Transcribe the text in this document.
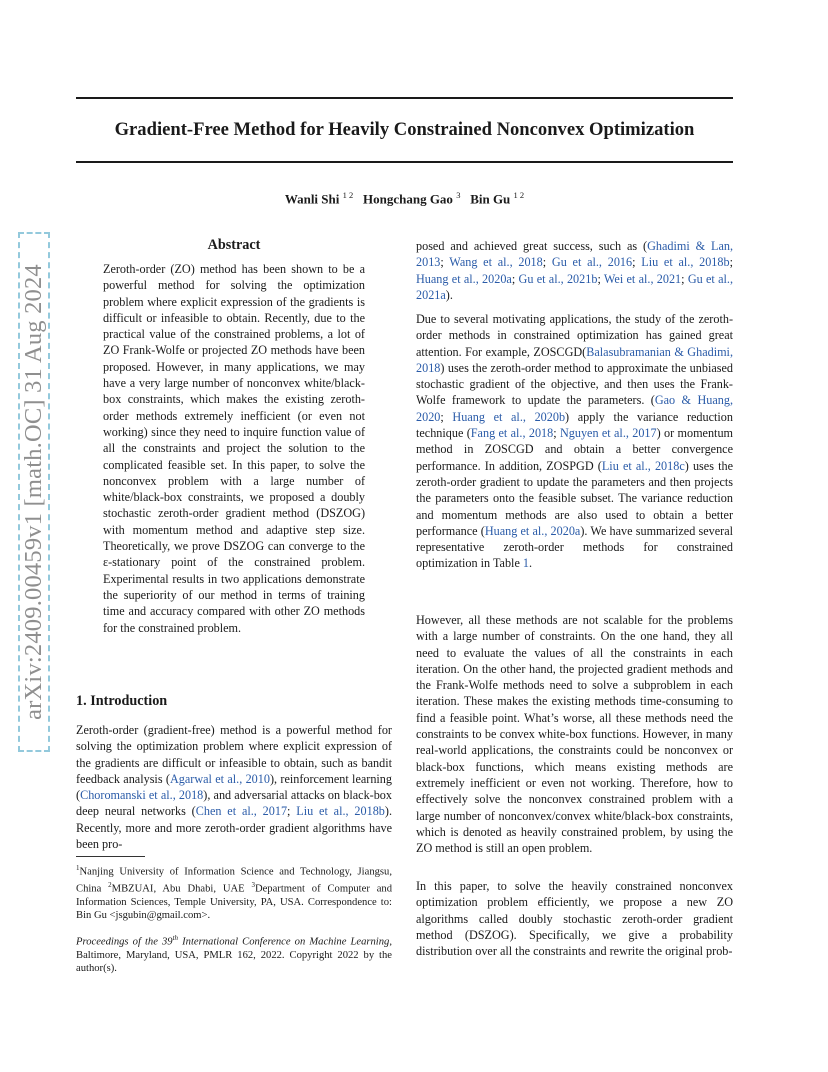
Gradient-Free Method for Heavily Constrained Nonconvex Optimization
Wanli Shi $^{1 2}$ Hongchang Gao $^3$ Bin Gu $^{1 2}$
arXiv:2409.00459v1 [math.OC] 31 Aug 2024
Abstract
Zeroth-order (ZO) method has been shown to be a powerful method for solving the optimization problem where explicit expression of the gradients is difficult or infeasible to obtain. Recently, due to the practical value of the constrained problems, a lot of ZO Frank-Wolfe or projected ZO methods have been proposed. However, in many applications, we may have a very large number of nonconvex white/black-box constraints, which makes the existing zeroth-order methods extremely inefficient (or even not working) since they need to inquire function value of all the constraints and project the solution to the complicated feasible set. In this paper, to solve the nonconvex problem with a large number of white/black-box constraints, we proposed a doubly stochastic zeroth-order gradient method (DSZOG) with momentum method and adaptive step size. Theoretically, we prove DSZOG can converge to the ε-stationary point of the constrained problem. Experimental results in two applications demonstrate the superiority of our method in terms of training time and accuracy compared with other ZO methods for the constrained problem.
1. Introduction

Zeroth-order (gradient-free) method is a powerful method for solving the optimization problem where explicit expression of the gradients are difficult or infeasible to obtain, such as bandit feedback analysis (Agarwal et al., 2010), reinforcement learning (Choromanski et al., 2018), and adversarial attacks on black-box deep neural networks (Chen et al., 2017; Liu et al., 2018b). Recently, more and more zeroth-order gradient algorithms have been pro-

$^1$Nanjing University of Information Science and Technology, Jiangsu, China $^2$MBZUAI, Abu Dhabi, UAE $^3$Department of Computer and Information Sciences, Temple University, PA, USA. Correspondence to: Bin Gu <jsgubin@gmail.com>.

Proceedings of the 39th International Conference on Machine Learning, Baltimore, Maryland, USA, PMLR 162, 2022. Copyright 2022 by the author(s).

posed and achieved great success, such as (Ghadimi & Lan, 2013; Wang et al., 2018; Gu et al., 2016; Liu et al., 2018b; Huang et al., 2020a; Gu et al., 2021b; Wei et al., 2021; Gu et al., 2021a).

Due to several motivating applications, the study of the zeroth-order methods in constrained optimization has gained great attention. For example, ZOSCGD(Balasubramanian & Ghadimi, 2018) uses the zeroth-order method to approximate the unbiased stochastic gradient of the objective, and then uses the Frank-Wolfe framework to update the parameters. (Gao & Huang, 2020; Huang et al., 2020b) apply the variance reduction technique (Fang et al., 2018; Nguyen et al., 2017) or momentum method in ZOSCGD and obtain a better convergence performance. In addition, ZOSPGD (Liu et al., 2018c) uses the zeroth-order gradient to update the parameters and then projects the parameters onto the feasible subset. The variance reduction and momentum methods are also used to obtain a better performance (Huang et al., 2020a). We have summarized several representative zeroth-order methods for constrained optimization in Table 1.

However, all these methods are not scalable for the problems with a large number of constraints. On the one hand, they all need to evaluate the values of all the constraints in each iteration. On the other hand, the projected gradient methods and the Frank-Wolfe methods need to solve a subproblem in each iteration. These makes the existing methods time-consuming to find a feasible point. What’s worse, all these methods need the constraints to be convex white-box functions. However, in many real-world applications, the constraints could be nonconvex or black-box functions, which means existing methods are extremely inefficient or even not working. Therefore, how to effectively solve the nonconvex constrained problem with a large number of nonconvex/convex white/black-box constraints, which is denoted as heavily constrained problem, by using the ZO method is still an open problem.

In this paper, to solve the heavily constrained nonconvex optimization problem efficiently, we propose a new ZO algorithms called doubly stochastic zeroth-order gradient method (DSZOG). Specifically, we give a probability distribution over all the constraints and rewrite the original prob-
